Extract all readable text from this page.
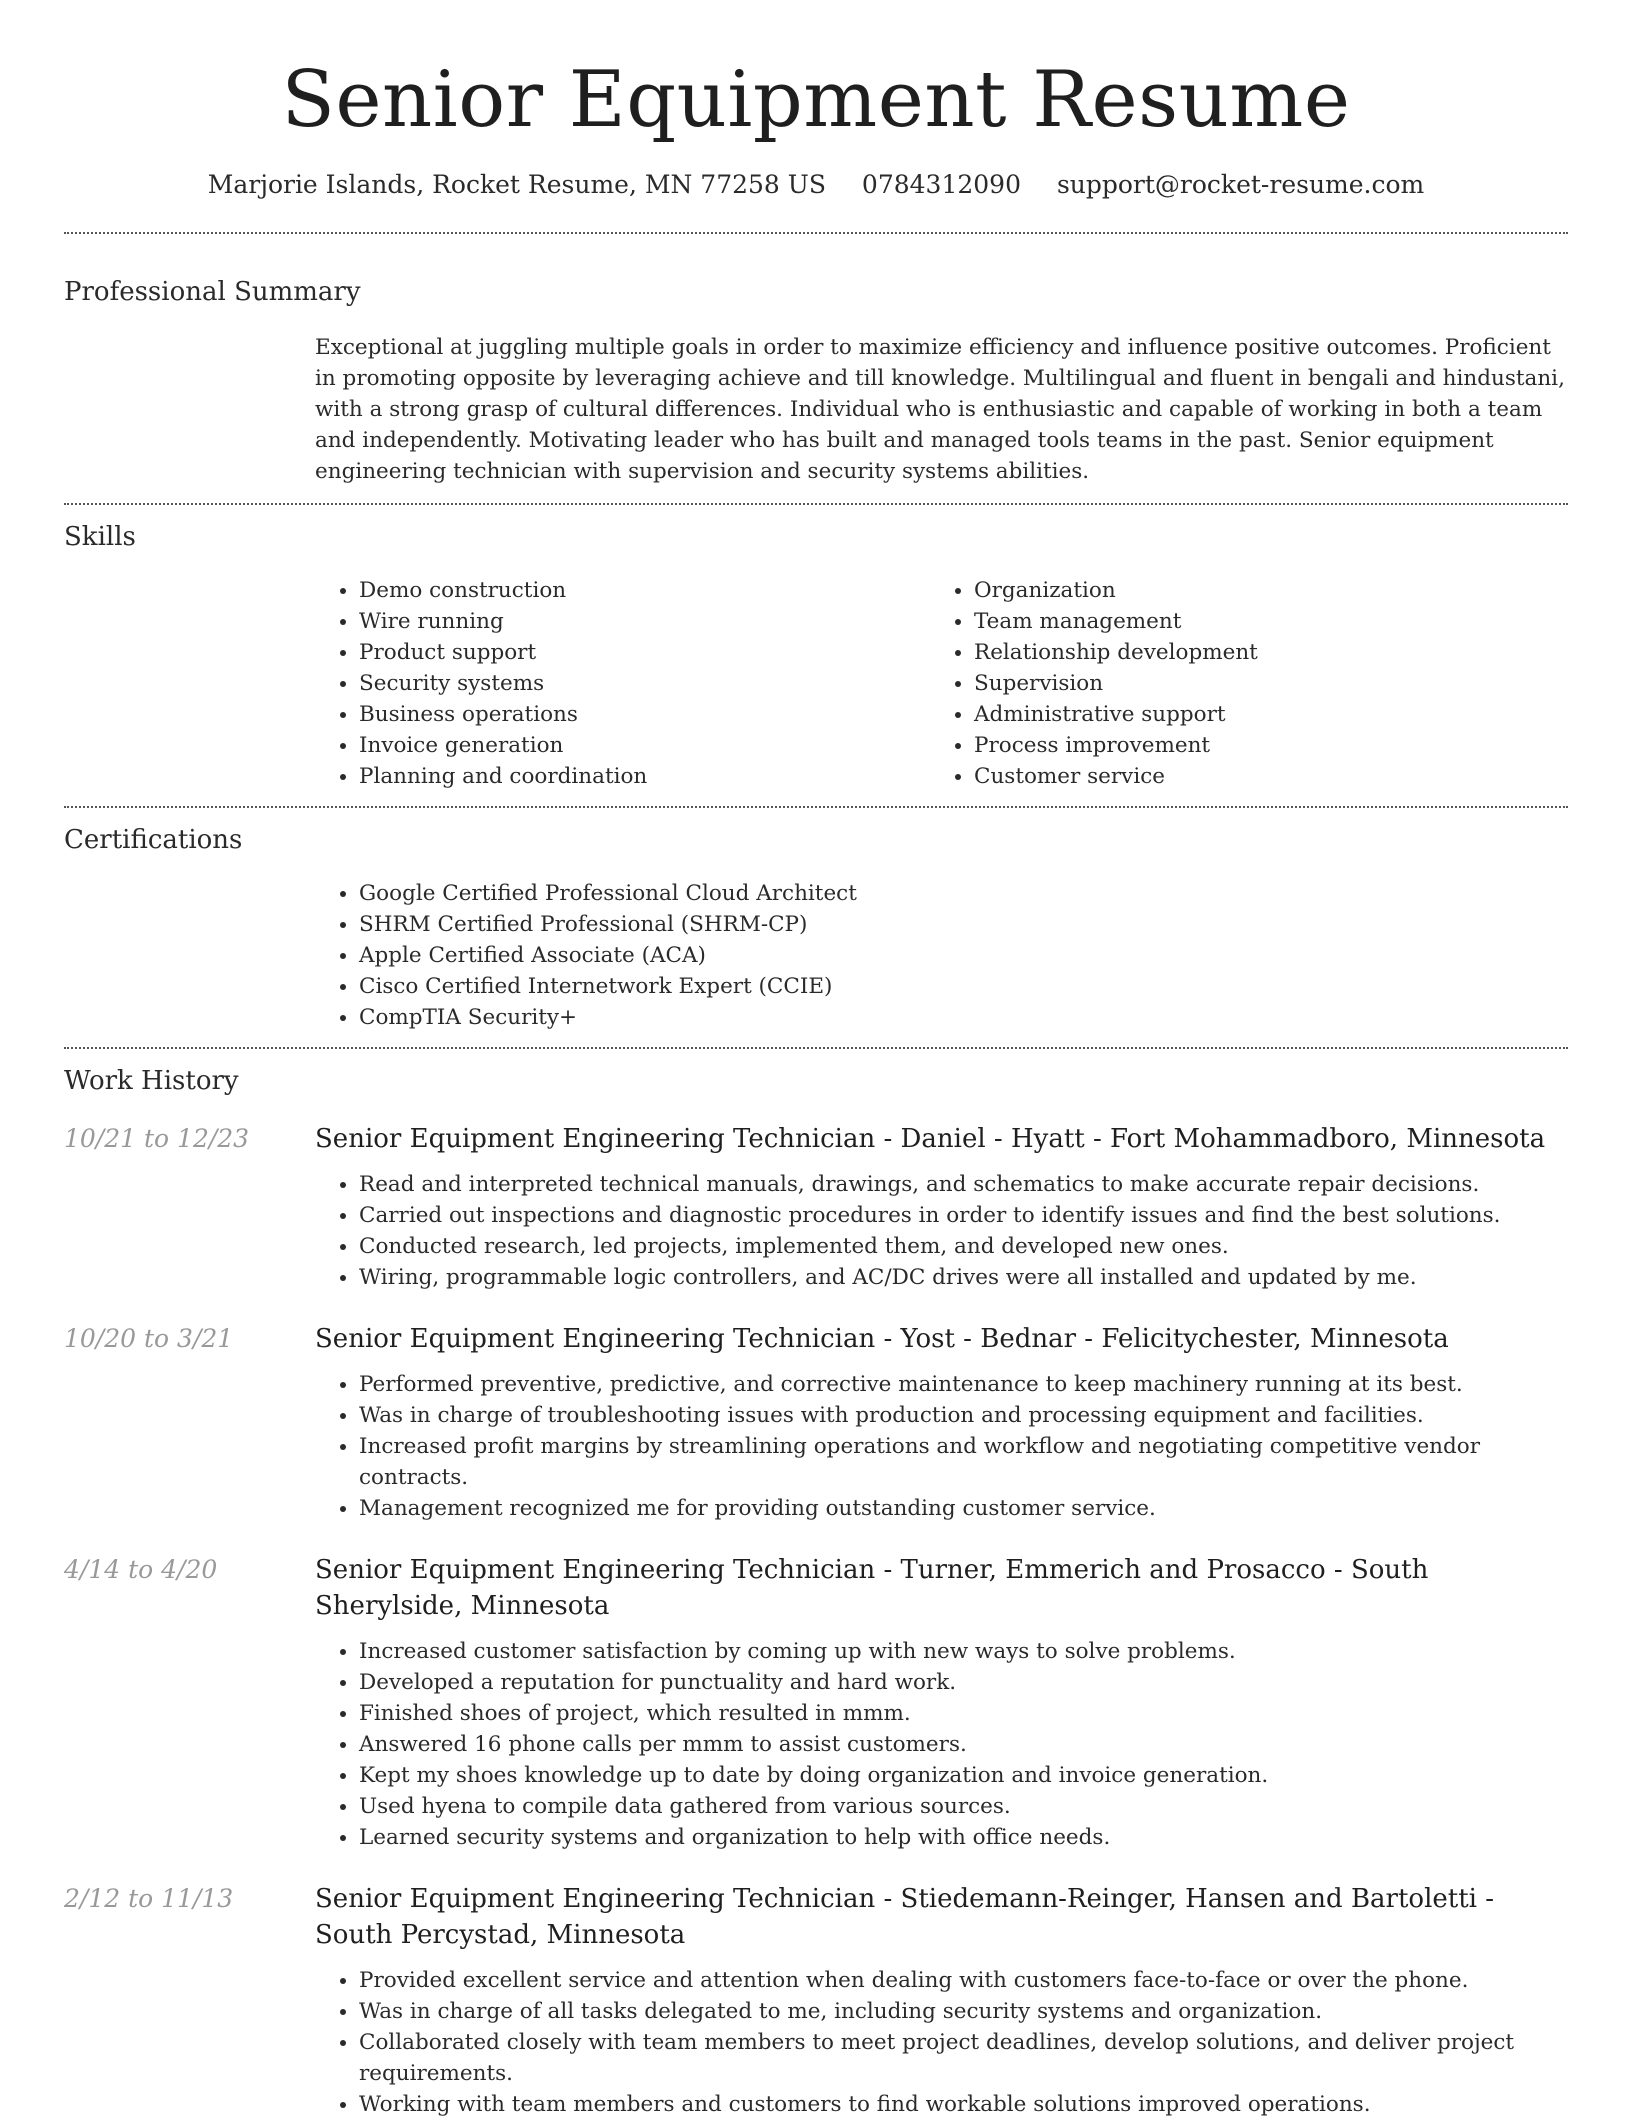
Senior Equipment Resume
Marjorie Islands, Rocket Resume, MN 77258 US 0784312090 support@rocket-resume.com
Professional Summary
Exceptional at juggling multiple goals in order to maximize efficiency and influence positive outcomes. Proficient in promoting opposite by leveraging achieve and till knowledge. Multilingual and fluent in bengali and hindustani, with a strong grasp of cultural differences. Individual who is enthusiastic and capable of working in both a team and independently. Motivating leader who has built and managed tools teams in the past. Senior equipment engineering technician with supervision and security systems abilities.
Skills
• Demo construction
• Wire running
• Product support
• Security systems
• Business operations
• Invoice generation
• Planning and coordination
• Organization
• Team management
• Relationship development
• Supervision
• Administrative support
• Process improvement
• Customer service
Certifications
• Google Certified Professional Cloud Architect
• SHRM Certified Professional (SHRM-CP)
• Apple Certified Associate (ACA)
• Cisco Certified Internetwork Expert (CCIE)
• CompTIA Security+
Work History
10/21 to 12/23	Senior Equipment Engineering Technician - Daniel - Hyatt - Fort Mohammadboro, Minnesota
• Read and interpreted technical manuals, drawings, and schematics to make accurate repair decisions.
• Carried out inspections and diagnostic procedures in order to identify issues and find the best solutions.
• Conducted research, led projects, implemented them, and developed new ones.
• Wiring, programmable logic controllers, and AC/DC drives were all installed and updated by me.
10/20 to 3/21	Senior Equipment Engineering Technician - Yost - Bednar - Felicitychester, Minnesota
• Performed preventive, predictive, and corrective maintenance to keep machinery running at its best.
• Was in charge of troubleshooting issues with production and processing equipment and facilities.
• Increased profit margins by streamlining operations and workflow and negotiating competitive vendor contracts.
• Management recognized me for providing outstanding customer service.
4/14 to 4/20	Senior Equipment Engineering Technician - Turner, Emmerich and Prosacco - South Sherylside, Minnesota
• Increased customer satisfaction by coming up with new ways to solve problems.
• Developed a reputation for punctuality and hard work.
• Finished shoes of project, which resulted in mmm.
• Answered 16 phone calls per mmm to assist customers.
• Kept my shoes knowledge up to date by doing organization and invoice generation.
• Used hyena to compile data gathered from various sources.
• Learned security systems and organization to help with office needs.
2/12 to 11/13	Senior Equipment Engineering Technician - Stiedemann-Reinger, Hansen and Bartoletti - South Percystad, Minnesota
• Provided excellent service and attention when dealing with customers face-to-face or over the phone.
• Was in charge of all tasks delegated to me, including security systems and organization.
• Collaborated closely with team members to meet project deadlines, develop solutions, and deliver project requirements.
• Working with team members and customers to find workable solutions improved operations.
